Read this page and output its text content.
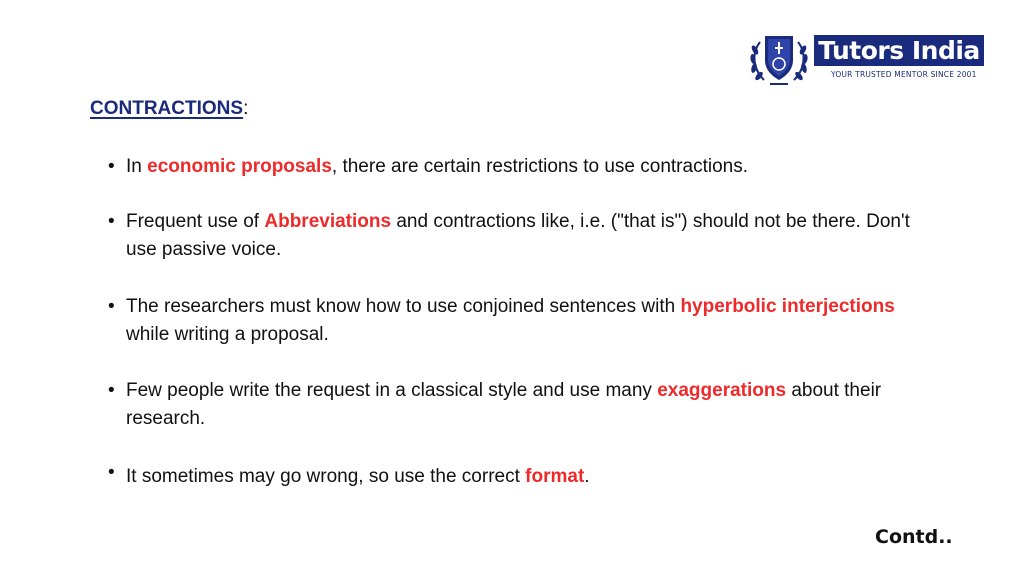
Tutors India
YOUR TRUSTED MENTOR SINCE 2001
CONTRACTIONS:
• In economic proposals, there are certain restrictions to use contractions.
• Frequent use of Abbreviations and contractions like, i.e. ("that is") should not be there. Don't use passive voice.
• The researchers must know how to use conjoined sentences with hyperbolic interjections while writing a proposal.
• Few people write the request in a classical style and use many exaggerations about their research.
• It sometimes may go wrong, so use the correct format.
Contd..
